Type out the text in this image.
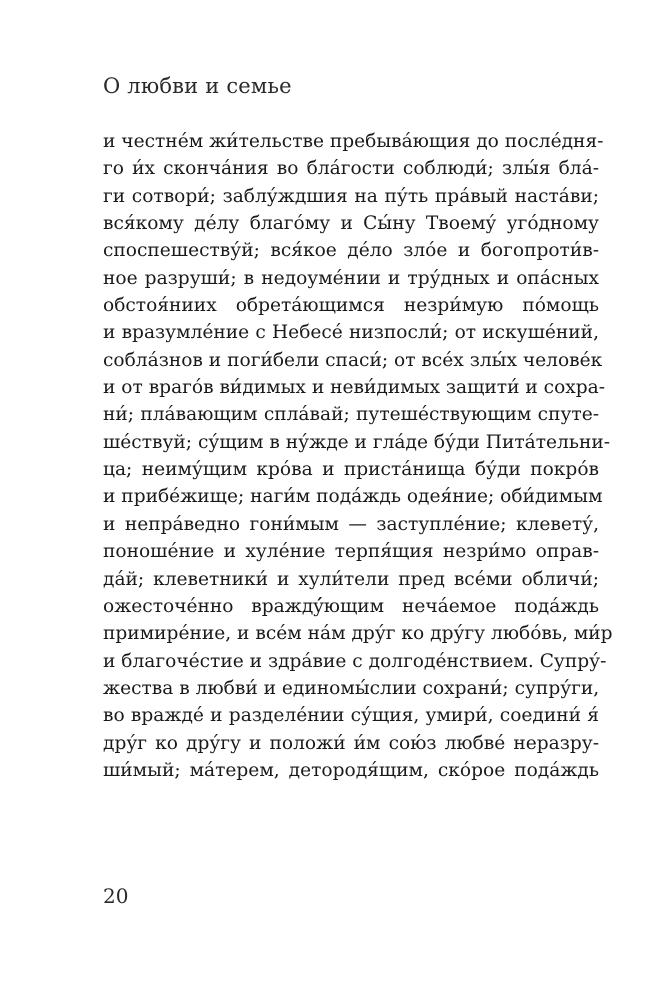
О любви и семье
и честне́м жи́тельстве пребыва́ющия до после́дня-
го и́х сконча́ния во бла́гости соблюди́; злы́я бла́-
ги сотвори́; заблу́ждшия на пу́ть пра́вый наста́ви;
вся́кому де́лу благо́му и Сы́ну Твоему́ уго́дному
споспешеству́й; вся́кое де́ло зло́е и богопроти́в-
ное разруши́; в недоуме́нии и тру́дных и опа́сных
обстоя́ниих обрета́ющимся незри́мую по́мощь
и вразумле́ние с Небесе́ низпосли́; от искуше́ний,
собла́знов и поги́бели спаси́; от все́х злы́х челове́к
и от враго́в ви́димых и неви́димых защити́ и сохра-
ни́; пла́вающим спла́вай; путеше́ствующим спуте-
ше́ствуй; су́щим в ну́жде и гла́де бу́ди Пита́тельни-
ца; неиму́щим кро́ва и приста́нища бу́ди покро́в
и прибе́жище; наги́м пода́ждь одея́ние; оби́димым
и непра́ведно гони́мым — заступле́ние; клевету́,
поноше́ние и хуле́ние терпя́щия незри́мо оправ-
да́й; клеветники́ и хули́тели пред все́ми обличи́;
ожесточе́нно враждý́ющим неча́емое пода́ждь
примире́ние, и все́м на́м дру́г ко дру́гу любо́вь, ми́р
и благоче́стие и здра́вие с долгоде́нствием. Супру́-
жества в любви́ и единомы́слии сохрани́; супру́ги,
во вражде́ и разделе́нии су́щия, умири́, соедини́ я́
дру́г ко дру́гу и положи́ и́м сою́з любве́ неразру-
ши́мый; ма́терем, детородя́щим, ско́рое пода́ждь
20
